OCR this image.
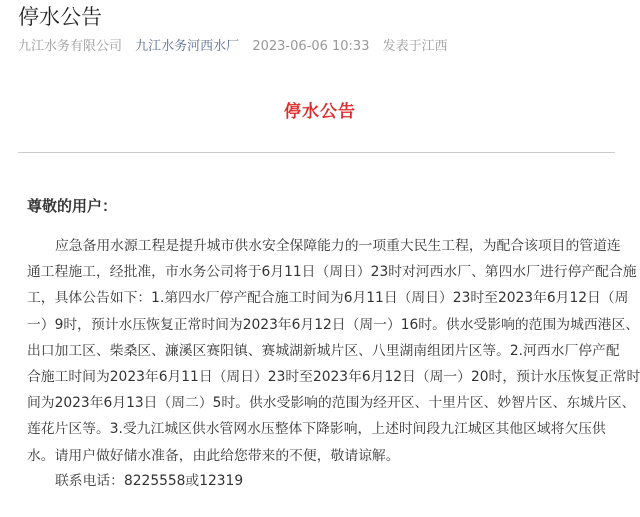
停水公告
九江水务有限公司 九江水务河西水厂 2023-06-06 10:33 发表于江西
停水公告
尊敬的用户：
应急备用水源工程是提升城市供水安全保障能力的一项重大民生工程，为配合该项目的管道连
通工程施工，经批准，市水务公司将于6月11日（周日）23时对河西水厂、第四水厂进行停产配合施
工，具体公告如下：1.第四水厂停产配合施工时间为6月11日（周日）23时至2023年6月12日（周
一）9时，预计水压恢复正常时间为2023年6月12日（周一）16时。供水受影响的范围为城西港区、
出口加工区、柴桑区、濂溪区赛阳镇、赛城湖新城片区、八里湖南组团片区等。2.河西水厂停产配
合施工时间为2023年6月11日（周日）23时至2023年6月12日（周一）20时，预计水压恢复正常时
间为2023年6月13日（周二）5时。供水受影响的范围为经开区、十里片区、妙智片区、东城片区、
莲花片区等。3.受九江城区供水管网水压整体下降影响，上述时间段九江城区其他区域将欠压供
水。请用户做好储水准备，由此给您带来的不便，敬请谅解。
联系电话：8225558或12319
